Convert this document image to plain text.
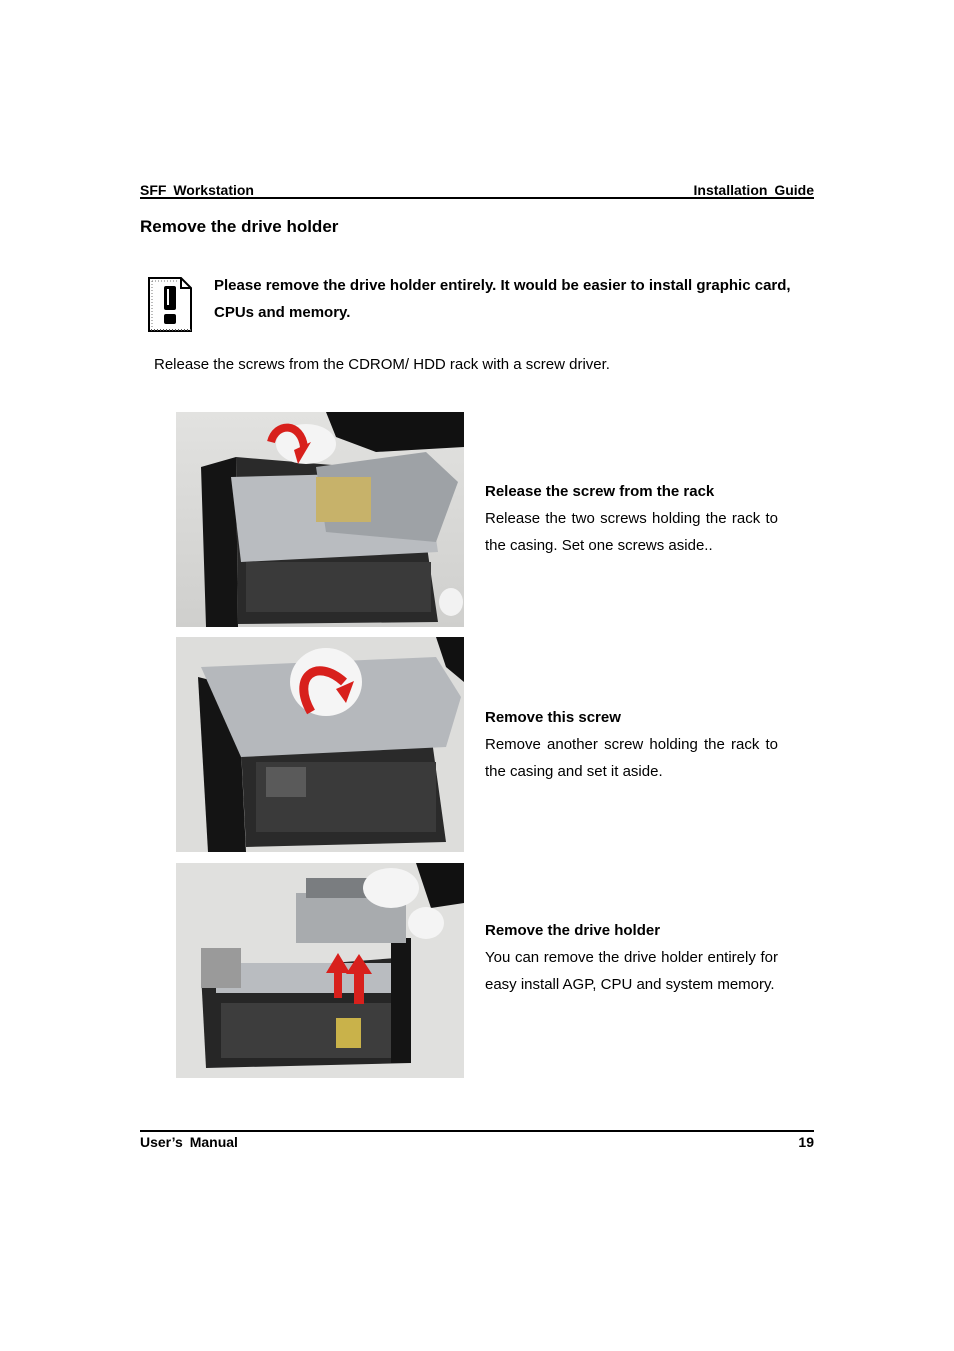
SFF Workstation	Installation Guide
Remove the drive holder
Please remove the drive holder entirely. It would be easier to install graphic card, CPUs and memory.
Release the screws from the CDROM/ HDD rack with a screw driver.
Release the screw from the rack
Release the two screws holding the rack to the casing. Set one screws aside..
Remove this screw
Remove another screw holding the rack to the casing and set it aside.
Remove the drive holder
You can remove the drive holder entirely for easy install AGP, CPU and system memory.
User’s Manual	19
